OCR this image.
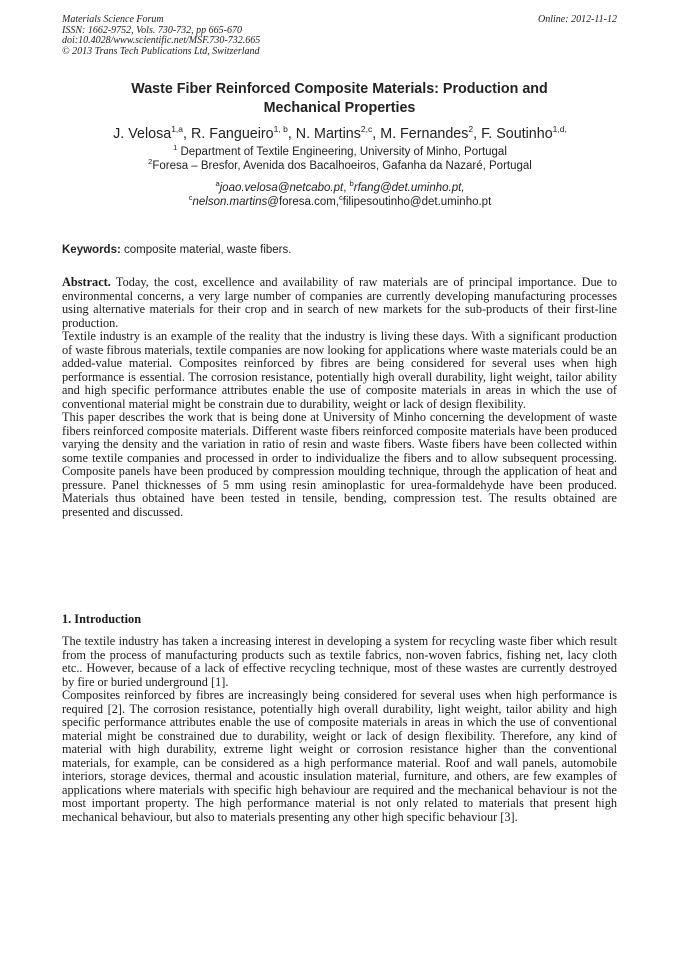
Materials Science Forum
ISSN: 1662-9752, Vols. 730-732, pp 665-670
doi:10.4028/www.scientific.net/MSF.730-732.665
© 2013 Trans Tech Publications Ltd, Switzerland
Online: 2012-11-12
Waste Fiber Reinforced Composite Materials: Production and
Mechanical Properties
J. Velosa$^{1,a}$, R. Fangueiro$^{1, b}$, N. Martins$^{2,c}$, M. Fernandes$^2$, F. Soutinho$^{1,d,}$
$^1$ Department of Textile Engineering, University of Minho, Portugal
$^2$Foresa – Bresfor, Avenida dos Bacalhoeiros, Gafanha da Nazaré, Portugal
$^a$joao.velosa@netcabo.pt, $^b$rfang@det.uminho.pt,
$^c$nelson.martins@foresa.com,$^c$filipesoutinho@det.uminho.pt
Keywords: composite material, waste fibers.

Abstract. Today, the cost, excellence and availability of raw materials are of principal importance. Due to environmental concerns, a very large number of companies are currently developing manufacturing processes using alternative materials for their crop and in search of new markets for the sub-products of their first-line production.

Textile industry is an example of the reality that the industry is living these days. With a significant production of waste fibrous materials, textile companies are now looking for applications where waste materials could be an added-value material. Composites reinforced by fibres are being considered for several uses when high performance is essential. The corrosion resistance, potentially high overall durability, light weight, tailor ability and high specific performance attributes enable the use of composite materials in areas in which the use of conventional material might be constrain due to durability, weight or lack of design flexibility.

This paper describes the work that is being done at University of Minho concerning the development of waste fibers reinforced composite materials. Different waste fibers reinforced composite materials have been produced varying the density and the variation in ratio of resin and waste fibers. Waste fibers have been collected within some textile companies and processed in order to individualize the fibers and to allow subsequent processing. Composite panels have been produced by compression moulding technique, through the application of heat and pressure. Panel thicknesses of 5 mm using resin aminoplastic for urea-formaldehyde have been produced. Materials thus obtained have been tested in tensile, bending, compression test. The results obtained are presented and discussed.

1. Introduction

The textile industry has taken a increasing interest in developing a system for recycling waste fiber which result from the process of manufacturing products such as textile fabrics, non-woven fabrics, fishing net, lacy cloth etc.. However, because of a lack of effective recycling technique, most of these wastes are currently destroyed by fire or buried underground [1].

Composites reinforced by fibres are increasingly being considered for several uses when high performance is required [2]. The corrosion resistance, potentially high overall durability, light weight, tailor ability and high specific performance attributes enable the use of composite materials in areas in which the use of conventional material might be constrained due to durability, weight or lack of design flexibility. Therefore, any kind of material with high durability, extreme light weight or corrosion resistance higher than the conventional materials, for example, can be considered as a high performance material. Roof and wall panels, automobile interiors, storage devices, thermal and acoustic insulation material, furniture, and others, are few examples of applications where materials with specific high behaviour are required and the mechanical behaviour is not the most important property. The high performance material is not only related to materials that present high mechanical behaviour, but also to materials presenting any other high specific behaviour [3].
